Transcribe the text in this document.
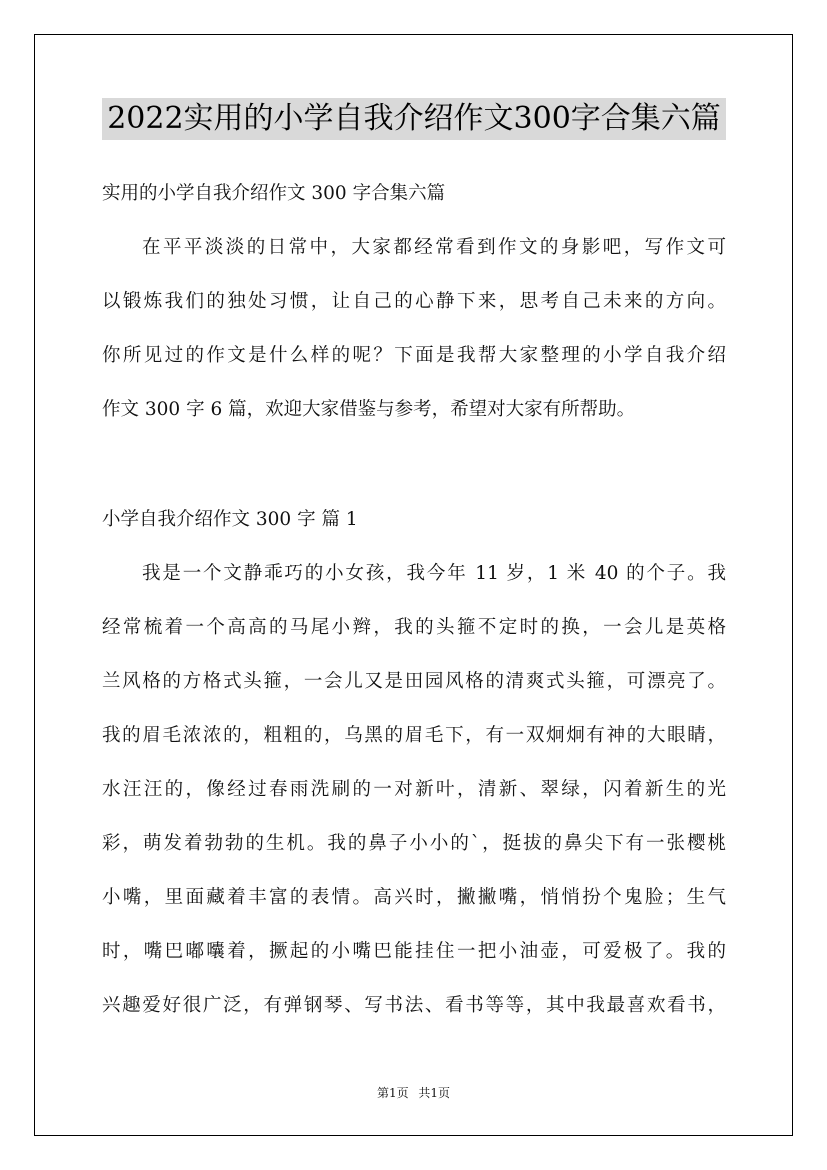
2022实用的小学自我介绍作文300字合集六篇
实用的小学自我介绍作文 300 字合集六篇
在平平淡淡的日常中，大家都经常看到作文的身影吧，写作文可
以锻炼我们的独处习惯，让自己的心静下来，思考自己未来的方向。
你所见过的作文是什么样的呢？下面是我帮大家整理的小学自我介绍
作文 300 字 6 篇，欢迎大家借鉴与参考，希望对大家有所帮助。
小学自我介绍作文 300 字 篇 1
我是一个文静乖巧的小女孩，我今年 11 岁，1 米 40 的个子。我
经常梳着一个高高的马尾小辫，我的头箍不定时的换，一会儿是英格
兰风格的方格式头箍，一会儿又是田园风格的清爽式头箍，可漂亮了。
我的眉毛浓浓的，粗粗的，乌黑的眉毛下，有一双炯炯有神的大眼睛，
水汪汪的，像经过春雨洗刷的一对新叶，清新、翠绿，闪着新生的光
彩，萌发着勃勃的生机。我的鼻子小小的`，挺拔的鼻尖下有一张樱桃
小嘴，里面藏着丰富的表情。高兴时，撇撇嘴，悄悄扮个鬼脸；生气
时，嘴巴嘟囔着，撅起的小嘴巴能挂住一把小油壶，可爱极了。我的
兴趣爱好很广泛，有弹钢琴、写书法、看书等等，其中我最喜欢看书，
第1页 共1页
